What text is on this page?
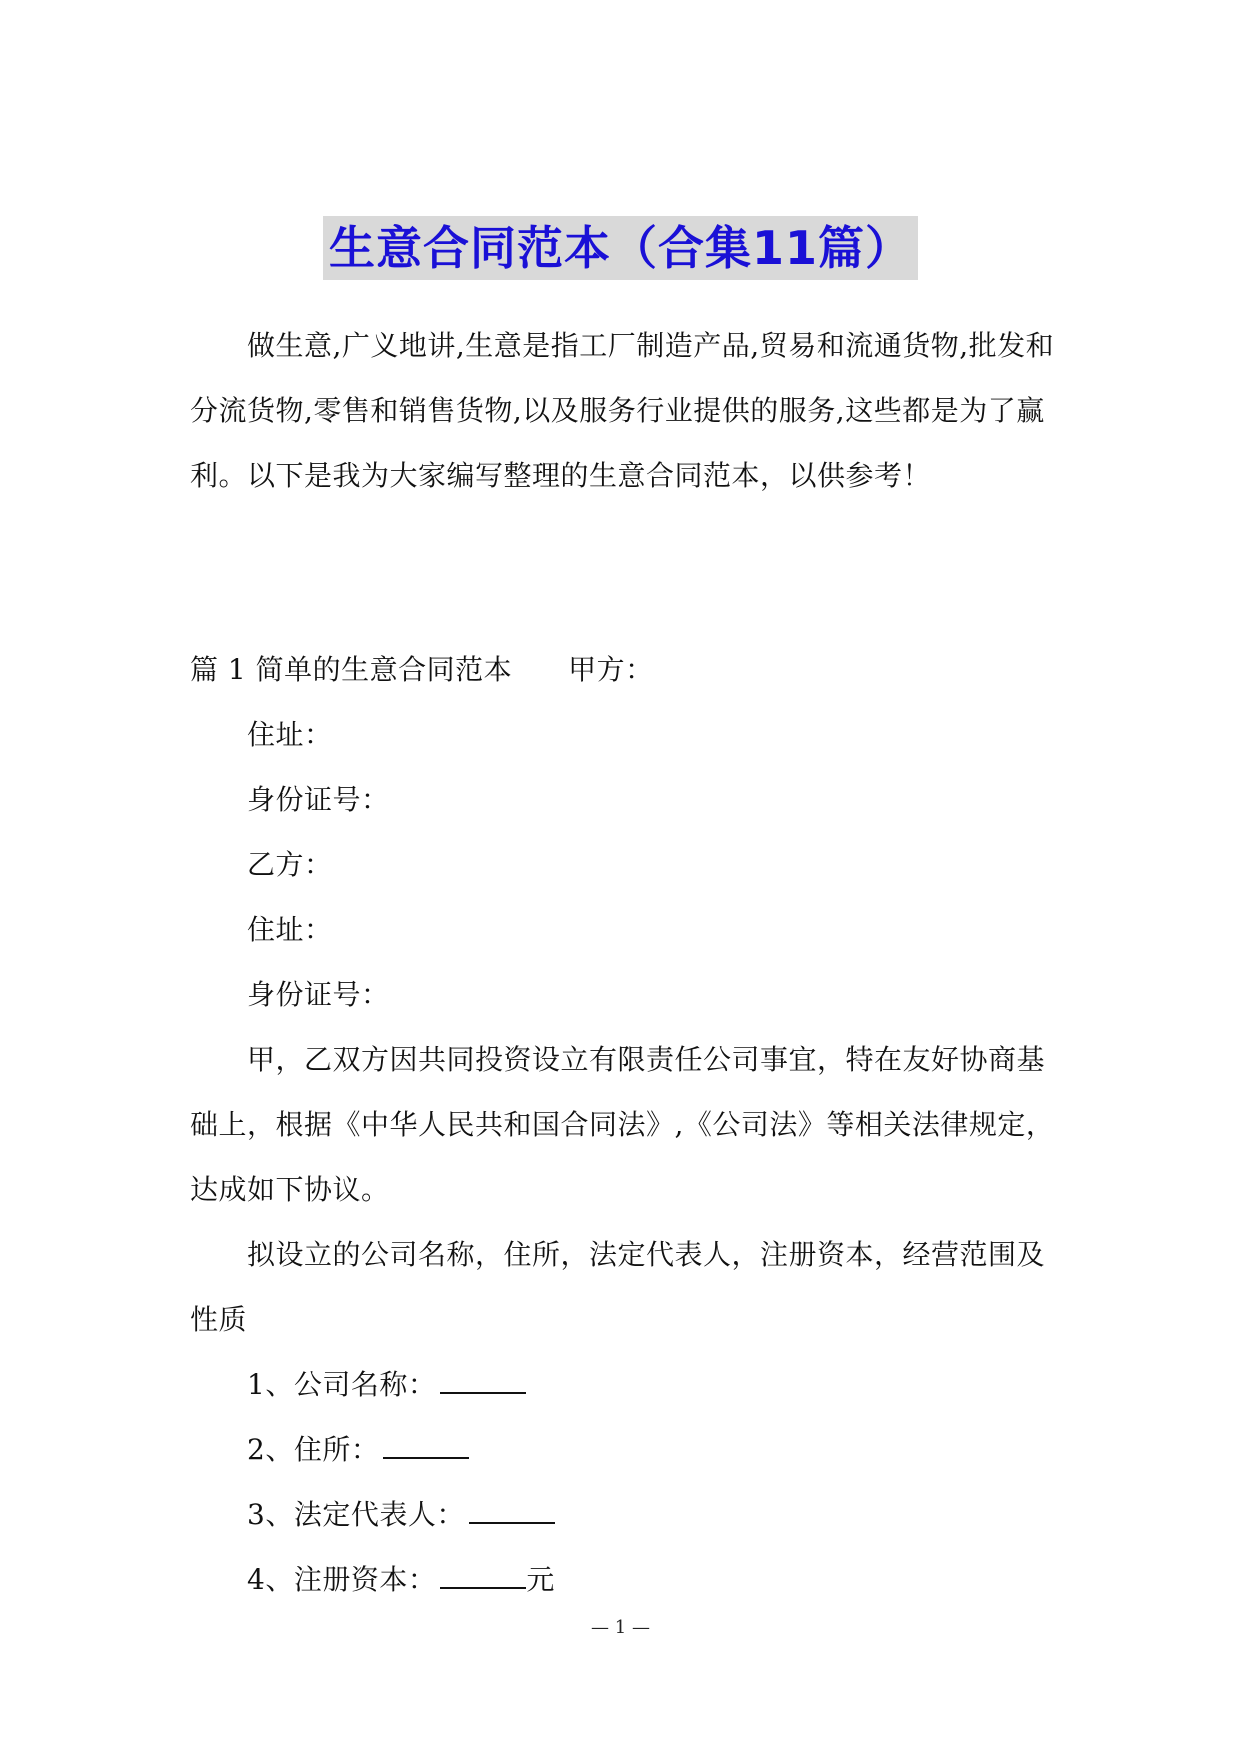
生意合同范本（合集11篇）

做生意,广义地讲,生意是指工厂制造产品,贸易和流通货物,批发和分流货物,零售和销售货物,以及服务行业提供的服务,这些都是为了赢利。以下是我为大家编写整理的生意合同范本，以供参考！

篇 1 简单的生意合同范本 甲方：

住址：

身份证号：

乙方：

住址：

身份证号：

甲，乙双方因共同投资设立有限责任公司事宜，特在友好协商基础上，根据《中华人民共和国合同法》,《公司法》等相关法律规定，达成如下协议。

拟设立的公司名称，住所，法定代表人，注册资本，经营范围及性质

1、公司名称：

2、住所：

3、法定代表人：

4、注册资本：	元

— 1 —
